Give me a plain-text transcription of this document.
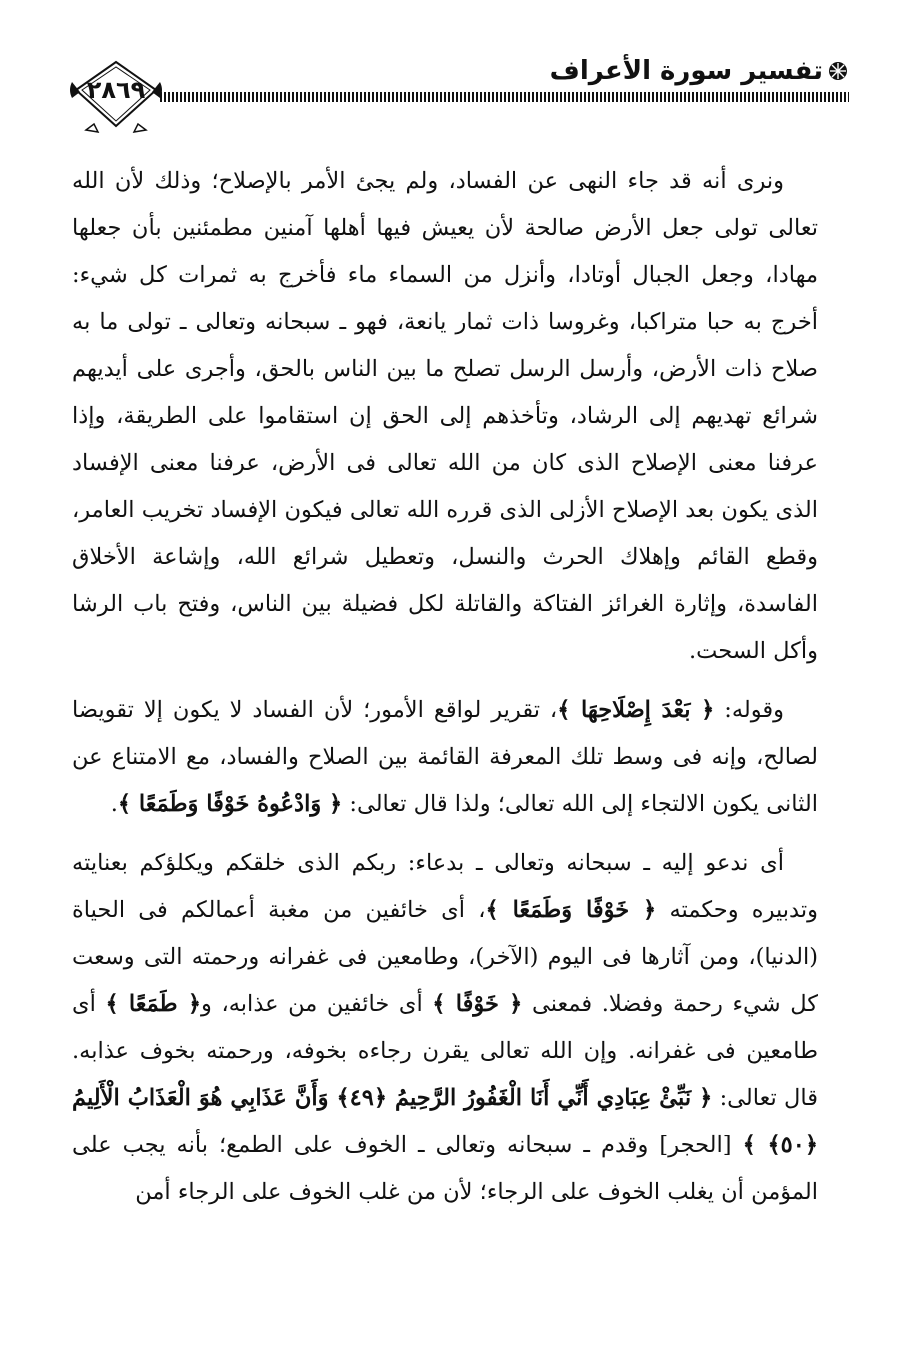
تفسير سورة الأعراف
٢٨٦٩

ونرى أنه قد جاء النهى عن الفساد، ولم يجئ الأمر بالإصلاح؛ وذلك لأن الله تعالى تولى جعل الأرض صالحة لأن يعيش فيها أهلها آمنين مطمئنين بأن جعلها مهادا، وجعل الجبال أوتادا، وأنزل من السماء ماء فأخرج به ثمرات كل شيء: أخرج به حبا متراكبا، وغروسا ذات ثمار يانعة، فهو ـ سبحانه وتعالى ـ تولى ما به صلاح ذات الأرض، وأرسل الرسل تصلح ما بين الناس بالحق، وأجرى على أيديهم شرائع تهديهم إلى الرشاد، وتأخذهم إلى الحق إن استقاموا على الطريقة، وإذا عرفنا معنى الإصلاح الذى كان من الله تعالى فى الأرض، عرفنا معنى الإفساد الذى يكون بعد الإصلاح الأزلى الذى قرره الله تعالى فيكون الإفساد تخريب العامر، وقطع القائم وإهلاك الحرث والنسل، وتعطيل شرائع الله، وإشاعة الأخلاق الفاسدة، وإثارة الغرائز الفتاكة والقاتلة لكل فضيلة بين الناس، وفتح باب الرشا وأكل السحت.

وقوله: ﴿ بَعْدَ إِصْلَاحِهَا ﴾، تقرير لواقع الأمور؛ لأن الفساد لا يكون إلا تقويضا لصالح، وإنه فى وسط تلك المعرفة القائمة بين الصلاح والفساد، مع الامتناع عن الثانى يكون الالتجاء إلى الله تعالى؛ ولذا قال تعالى: ﴿ وَادْعُوهُ خَوْفًا وَطَمَعًا ﴾.

أى ندعو إليه ـ سبحانه وتعالى ـ بدعاء: ربكم الذى خلقكم ويكلؤكم بعنايته وتدبيره وحكمته ﴿ خَوْفًا وَطَمَعًا ﴾، أى خائفين من مغبة أعمالكم فى الحياة (الدنيا)، ومن آثارها فى اليوم (الآخر)، وطامعين فى غفرانه ورحمته التى وسعت كل شيء رحمة وفضلا. فمعنى ﴿ خَوْفًا ﴾ أى خائفين من عذابه، و﴿ طَمَعًا ﴾ أى طامعين فى غفرانه. وإن الله تعالى يقرن رجاءه بخوفه، ورحمته بخوف عذابه. قال تعالى: ﴿ نَبِّئْ عِبَادِي أَنِّي أَنَا الْغَفُورُ الرَّحِيمُ ﴿٤٩﴾ وَأَنَّ عَذَابِي هُوَ الْعَذَابُ الْأَلِيمُ ﴿٥٠﴾ ﴾ [الحجر] وقدم ـ سبحانه وتعالى ـ الخوف على الطمع؛ بأنه يجب على المؤمن أن يغلب الخوف على الرجاء؛ لأن من غلب الخوف على الرجاء أمن
